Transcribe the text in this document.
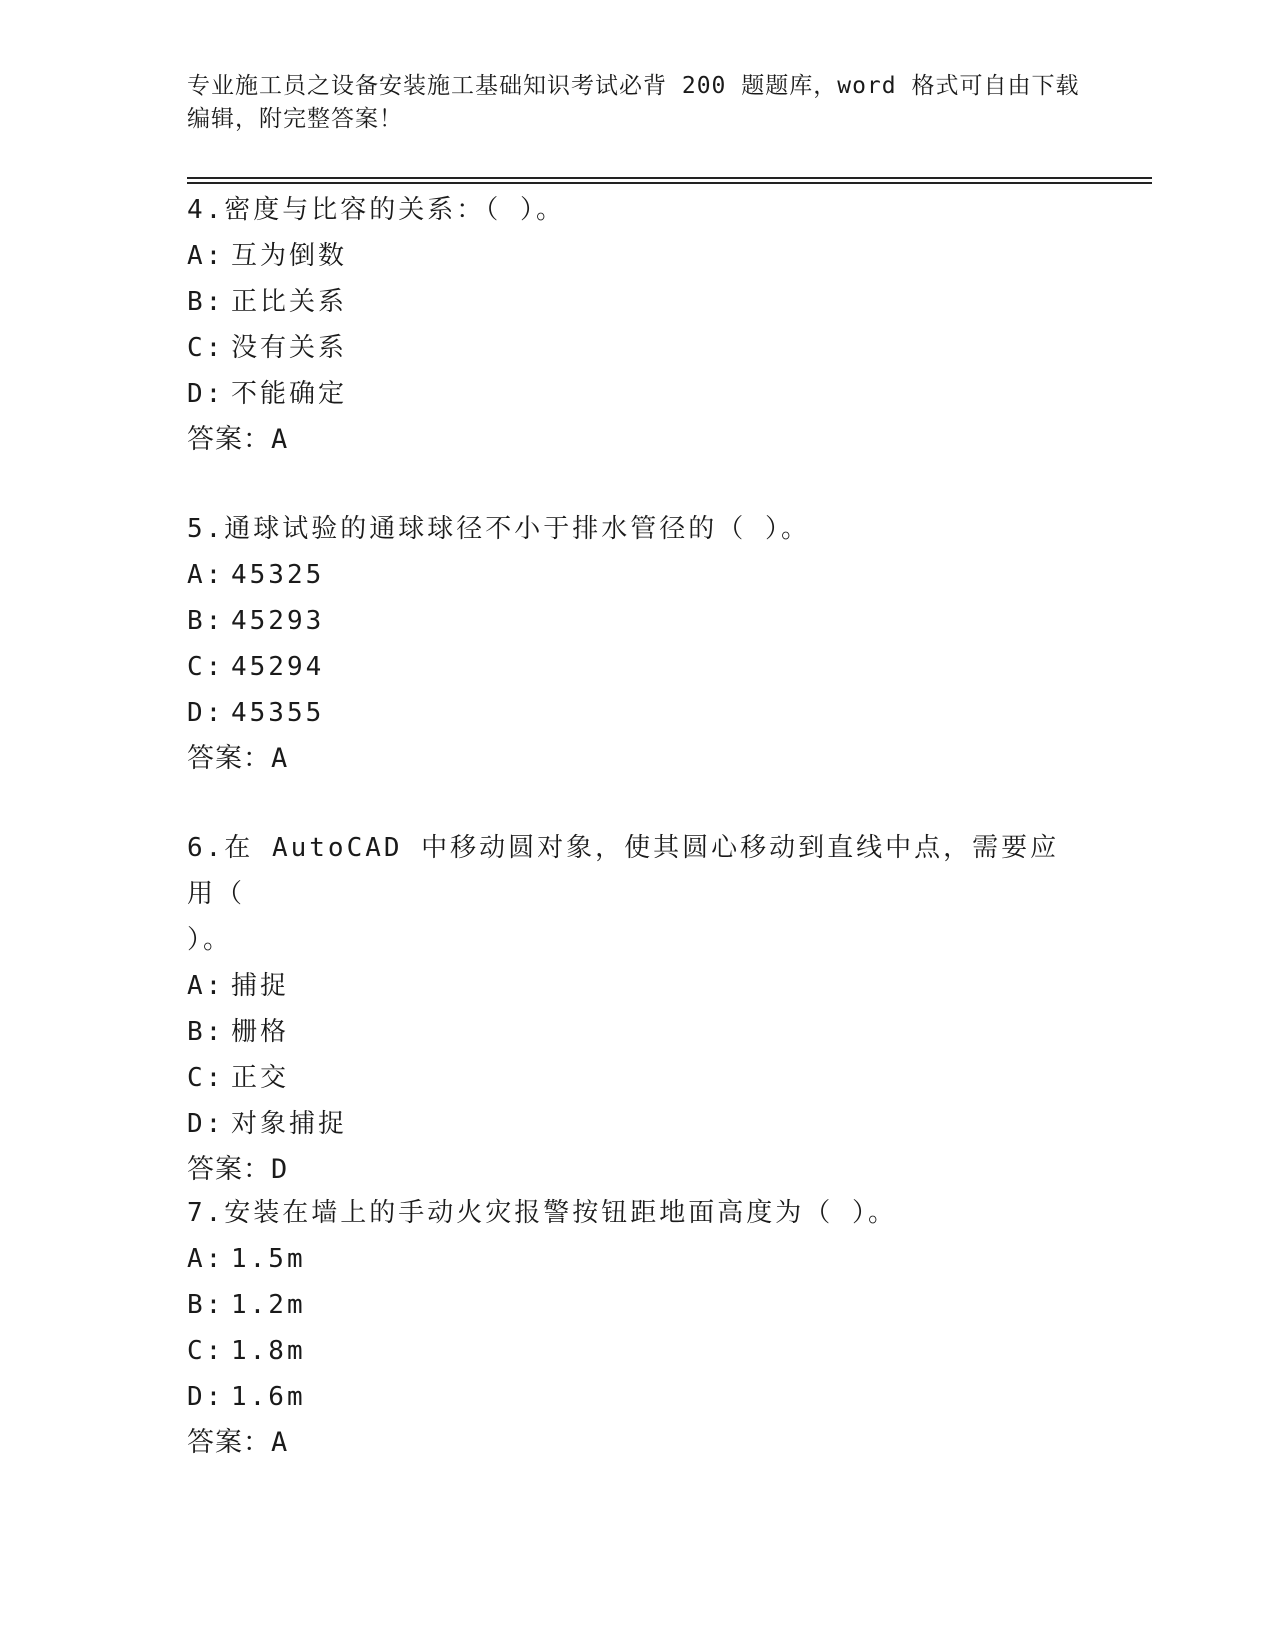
专业施工员之设备安装施工基础知识考试必背 200 题题库，word 格式可自由下载
编辑，附完整答案！
4.密度与比容的关系：（ ）。
A: 互为倒数
B: 正比关系
C: 没有关系
D: 不能确定
答案：A
5.通球试验的通球球径不小于排水管径的（ ）。
A: 45325
B: 45293
C: 45294
D: 45355
答案：A
6.在 AutoCAD 中移动圆对象，使其圆心移动到直线中点，需要应用（
）。
A: 捕捉
B: 栅格
C: 正交
D: 对象捕捉
答案：D
7.安装在墙上的手动火灾报警按钮距地面高度为（ ）。
A: 1.5m
B: 1.2m
C: 1.8m
D: 1.6m
答案：A
